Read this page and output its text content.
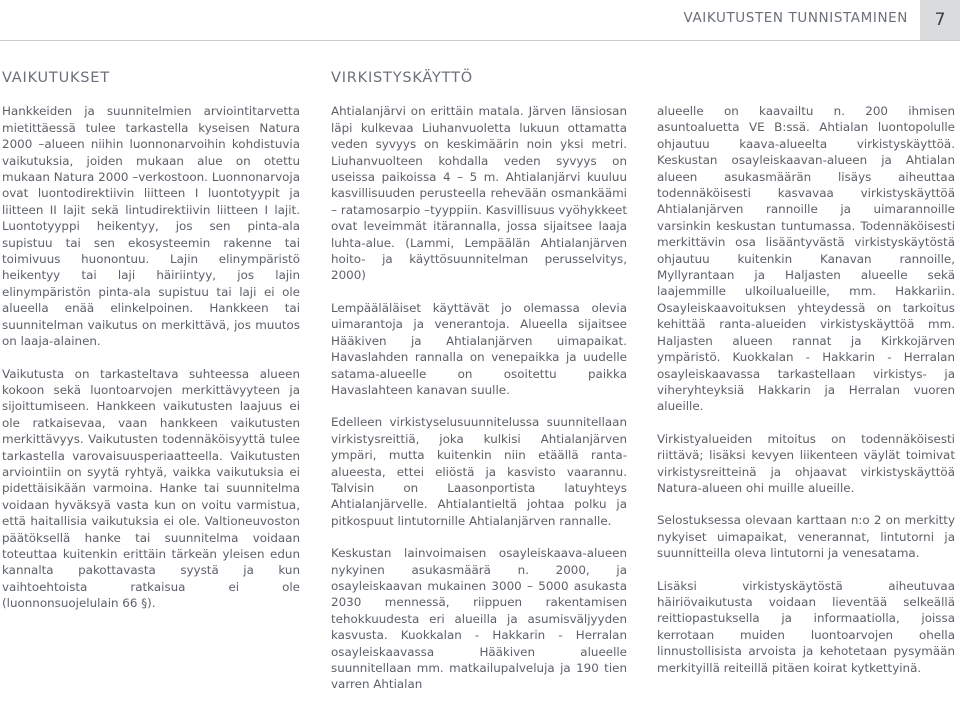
VAIKUTUSTEN TUNNISTAMINEN	7
VAIKUTUKSET

Hankkeiden ja suunnitelmien arviointitarvetta mietittäessä tulee tarkastella kyseisen Natura 2000 –alueen niihin luonnonarvoihin kohdistuvia vaikutuksia, joiden mukaan alue on otettu mukaan Natura 2000 –verkostoon. Luonnonarvoja ovat luontodirektiivin liitteen I luontotyypit ja liitteen II lajit sekä lintudirektiivin liitteen I lajit. Luontotyyppi heikentyy, jos sen pinta-ala supistuu tai sen ekosysteemin rakenne tai toimivuus huonontuu. Lajin elinympäristö heikentyy tai laji häiriintyy, jos lajin elinympäristön pinta-ala supistuu tai laji ei ole alueella enää elinkelpoinen. Hankkeen tai suunnitelman vaikutus on merkittävä, jos muutos on laaja-alainen.

Vaikutusta on tarkasteltava suhteessa alueen kokoon sekä luontoarvojen merkittävyyteen ja sijoittumiseen. Hankkeen vaikutusten laajuus ei ole ratkaisevaa, vaan hankkeen vaikutusten merkittävyys. Vaikutusten todennäköisyyttä tulee tarkastella varovaisuusperiaatteella. Vaikutusten arviointiin on syytä ryhtyä, vaikka vaikutuksia ei pidettäisikään varmoina. Hanke tai suunnitelma voidaan hyväksyä vasta kun on voitu varmistua, että haitallisia vaikutuksia ei ole. Valtioneuvoston päätöksellä hanke tai suunnitelma voidaan toteuttaa kuitenkin erittäin tärkeän yleisen edun kannalta pakottavasta syystä ja kun vaihtoehtoista ratkaisua ei ole (luonnonsuojelulain 66 §).

VIRKISTYSKÄYTTÖ

Ahtialanjärvi on erittäin matala. Järven länsiosan läpi kulkevaa Liuhanvuoletta lukuun ottamatta veden syvyys on keskimäärin noin yksi metri. Liuhanvuolteen kohdalla veden syvyys on useissa paikoissa 4 – 5 m. Ahtialanjärvi kuuluu kasvillisuuden perusteella rehevään osmankäämi – ratamosarpio –tyyppiin. Kasvillisuus vyöhykkeet ovat leveimmät itärannalla, jossa sijaitsee laaja luhta-alue. (Lammi, Lempäälän Ahtialanjärven hoito- ja käyttösuunnitelman perusselvitys, 2000)

Lempääläläiset käyttävät jo olemassa olevia uimarantoja ja venerantoja. Alueella sijaitsee Hääkiven ja Ahtialanjärven uimapaikat. Havaslahden rannalla on venepaikka ja uudelle satama-alueelle on osoitettu paikka Havaslahteen kanavan suulle.

Edelleen virkistyselusuunnitelussa suunnitellaan virkistysreittiä, joka kulkisi Ahtialanjärven ympäri, mutta kuitenkin niin etäällä ranta-alueesta, ettei eliöstä ja kasvisto vaarannu. Talvisin on Laasonportista latuyhteys Ahtialanjärvelle. Ahtialantieltä johtaa polku ja pitkospuut lintutornille Ahtialanjärven rannalle.

Keskustan lainvoimaisen osayleiskaava-alueen nykyinen asukasmäärä n. 2000, ja osayleiskaavan mukainen 3000 – 5000 asukasta 2030 mennessä, riippuen rakentamisen tehokkuudesta eri alueilla ja asumisväljyyden kasvusta. Kuokkalan - Hakkarin - Herralan osayleiskaavassa Hääkiven alueelle suunnitellaan mm. matkailupalveluja ja 190 tien varren Ahtialan

alueelle on kaavailtu n. 200 ihmisen asuntoaluetta VE B:ssä. Ahtialan luontopolulle ohjautuu kaava-alueelta virkistyskäyttöä. Keskustan osayleiskaavan-alueen ja Ahtialan alueen asukasmäärän lisäys aiheuttaa todennäköisesti kasvavaa virkistyskäyttöä Ahtialanjärven rannoille ja uimarannoille varsinkin keskustan tuntumassa. Todennäköisesti merkittävin osa lisääntyvästä virkistyskäytöstä ohjautuu kuitenkin Kanavan rannoille, Myllyrantaan ja Haljasten alueelle sekä laajemmille ulkoilualueille, mm. Hakkariin. Osayleiskaavoituksen yhteydessä on tarkoitus kehittää ranta-alueiden virkistyskäyttöä mm. Haljasten alueen rannat ja Kirkkojärven ympäristö. Kuokkalan - Hakkarin - Herralan osayleiskaavassa tarkastellaan virkistys- ja viheryhteyksiä Hakkarin ja Herralan vuoren alueille.

Virkistyalueiden mitoitus on todennäköisesti riittävä; lisäksi kevyen liikenteen väylät toimivat virkistysreitteinä ja ohjaavat virkistyskäyttöä Natura-alueen ohi muille alueille.

Selostuksessa olevaan karttaan n:o 2 on merkitty nykyiset uimapaikat, venerannat, lintutorni ja suunnitteilla oleva lintutorni ja venesatama.

Lisäksi virkistyskäytöstä aiheutuvaa häiriövaikutusta voidaan lieventää selkeällä reittiopastuksella ja informaatiolla, joissa kerrotaan muiden luontoarvojen ohella linnustollisista arvoista ja kehotetaan pysymään merkityillä reiteillä pitäen koirat kytkettyinä.
